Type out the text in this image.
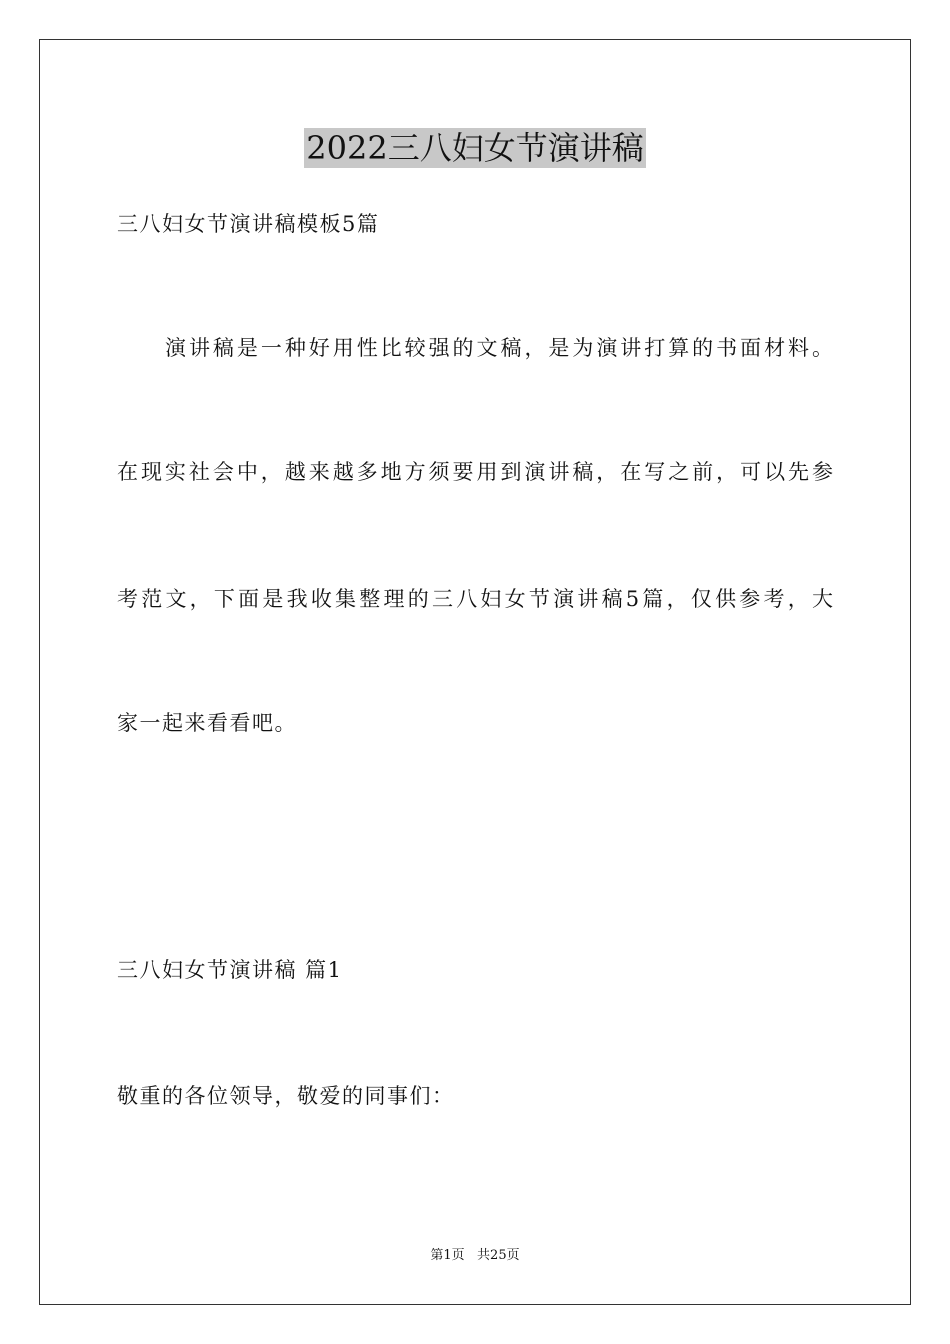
2022三八妇女节演讲稿
三八妇女节演讲稿模板5篇
演讲稿是一种好用性比较强的文稿，是为演讲打算的书面材料。
在现实社会中，越来越多地方须要用到演讲稿，在写之前，可以先参
考范文，下面是我收集整理的三八妇女节演讲稿5篇，仅供参考，大
家一起来看看吧。
三八妇女节演讲稿 篇1
敬重的各位领导，敬爱的同事们：
第1页   共25页
